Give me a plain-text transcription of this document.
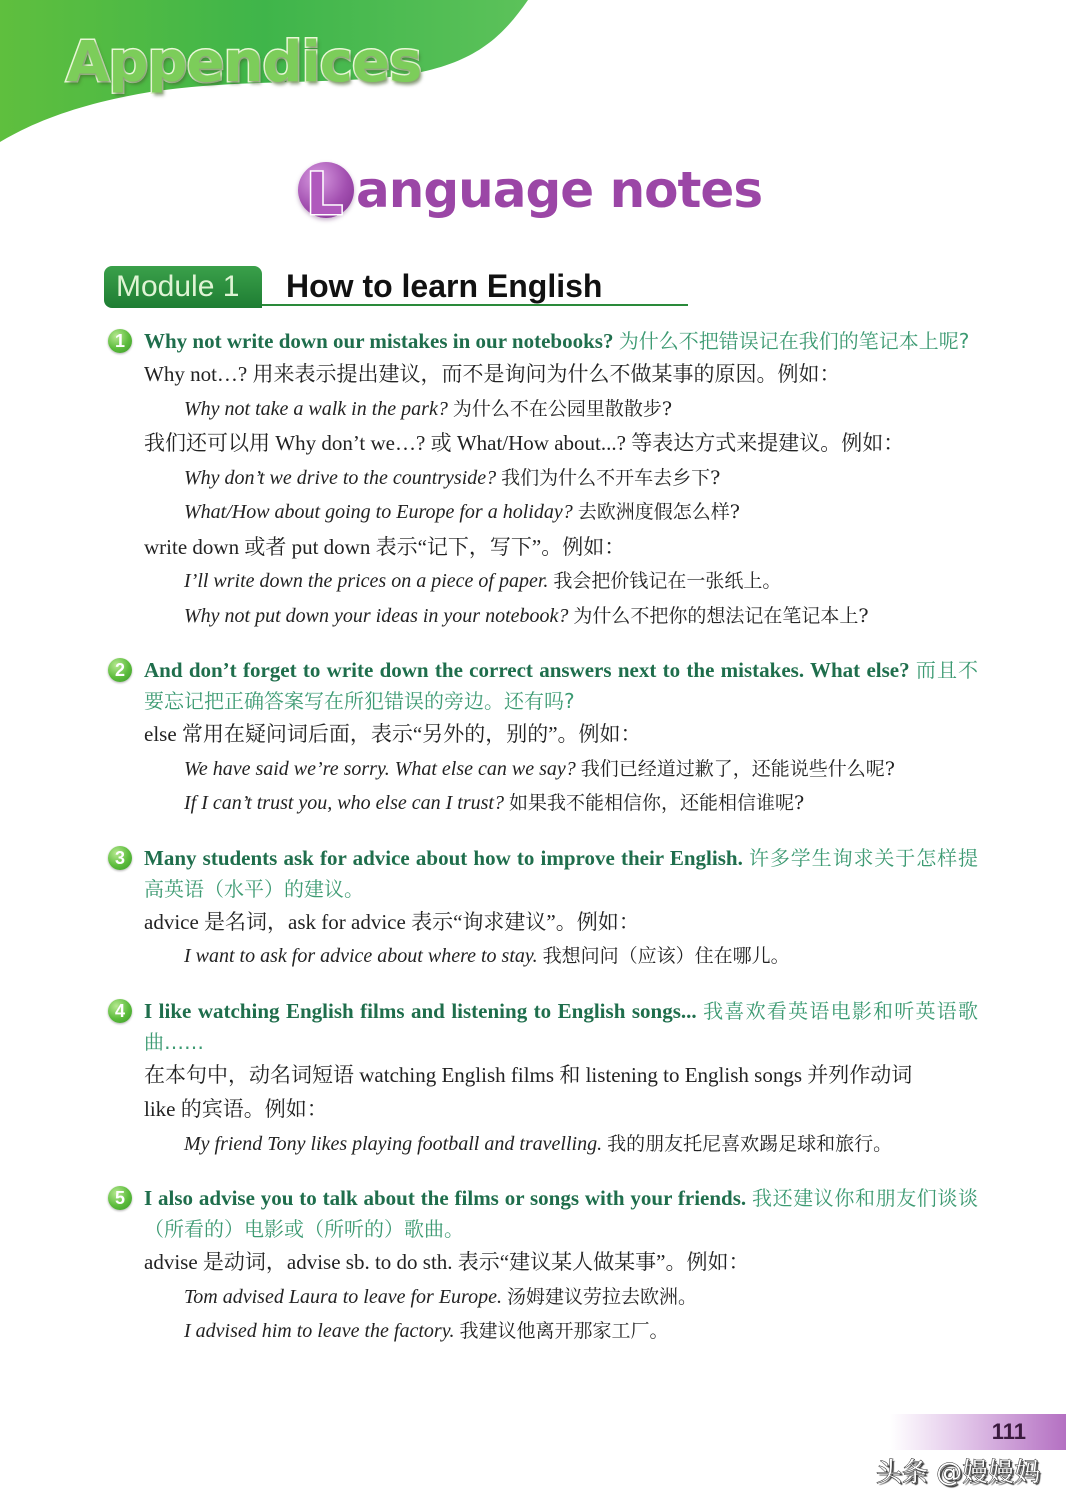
Appendices
L anguage notes
Module 1	How to learn English
1 Why not write down our mistakes in our notebooks? 为什么不把错误记在我们的笔记本上呢?
Why not…? 用来表示提出建议，而不是询问为什么不做某事的原因。例如：
Why not take a walk in the park? 为什么不在公园里散散步?
我们还可以用 Why don’t we…? 或 What/How about...? 等表达方式来提建议。例如：
Why don’t we drive to the countryside? 我们为什么不开车去乡下?
What/How about going to Europe for a holiday? 去欧洲度假怎么样?
write down 或者 put down 表示“记下，写下”。例如：
I’ll write down the prices on a piece of paper. 我会把价钱记在一张纸上。
Why not put down your ideas in your notebook? 为什么不把你的想法记在笔记本上?
2 And don’t forget to write down the correct answers next to the mistakes. What else? 而且不要忘记把正确答案写在所犯错误的旁边。还有吗?
else 常用在疑问词后面，表示“另外的，别的”。例如：
We have said we’re sorry. What else can we say? 我们已经道过歉了，还能说些什么呢?
If I can’t trust you, who else can I trust? 如果我不能相信你，还能相信谁呢?
3 Many students ask for advice about how to improve their English. 许多学生询求关于怎样提高英语（水平）的建议。
advice 是名词，ask for advice 表示“询求建议”。例如：
I want to ask for advice about where to stay. 我想问问（应该）住在哪儿。
4 I like watching English films and listening to English songs... 我喜欢看英语电影和听英语歌曲……
在本句中，动名词短语 watching English films 和 listening to English songs 并列作动词
like 的宾语。例如：
My friend Tony likes playing football and travelling. 我的朋友托尼喜欢踢足球和旅行。
5 I also advise you to talk about the films or songs with your friends. 我还建议你和朋友们谈谈（所看的）电影或（所听的）歌曲。
advise 是动词，advise sb. to do sth. 表示“建议某人做某事”。例如：
Tom advised Laura to leave for Europe. 汤姆建议劳拉去欧洲。
I advised him to leave the factory. 我建议他离开那家工厂。
111
头条 @嫚嫚妈
